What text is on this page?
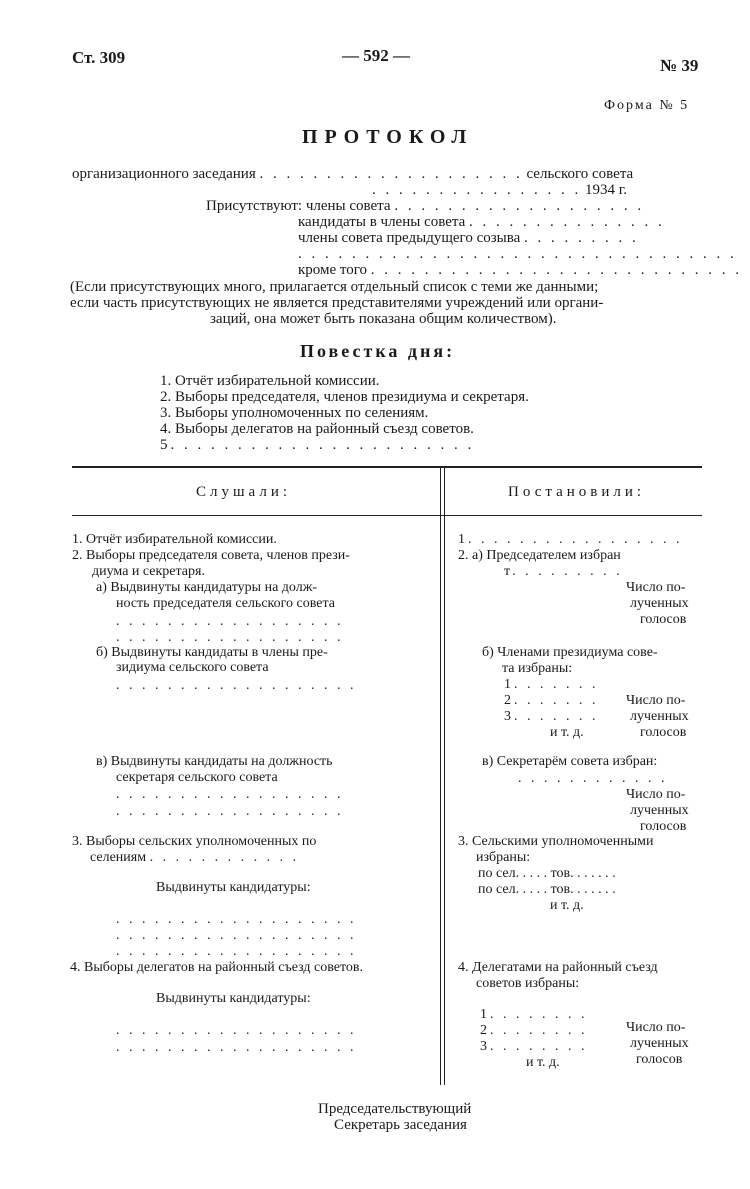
Ст. 309	— 592 —
№ 39
Форма № 5
ПРОТОКОЛ
организационного заседания . . . . . . . . . . . . . . . . . . . . сельского совета
. . . . . . . . . . . . . . . . 1934 г.
Присутствуют: члены совета . . . . . . . . . . . . . . . . . . .
кандидаты в члены совета . . . . . . . . . . . . . . .
члены совета предыдущего созыва . . . . . . . . .
. . . . . . . . . . . . . . . . . . . . . . . . . . . . . . . . .
кроме того . . . . . . . . . . . . . . . . . . . . . . . . . . . .
(Если присутствующих много, прилагается отдельный список с теми же данными;
если часть присутствующих не является представителями учреждений или органи-
заций, она может быть показана общим количеством).
Повестка дня:
1. Отчёт избирательной комиссии.
2. Выборы председателя, членов президиума и секретаря.
3. Выборы уполномоченных по селениям.
4. Выборы делегатов на районный съезд советов.
5. . . . . . . . . . . . . . . . . . . . . . .
Слушали:	Постановили:
1. Отчёт избирательной комиссии.
2. Выборы председателя совета, членов прези-
диума и секретаря.
а) Выдвинуты кандидатуры на долж-
ность председателя сельского совета
. . . . . . . . . . . . . . . . . .
. . . . . . . . . . . . . . . . . .
б) Выдвинуты кандидаты в члены пре-
зидиума сельского совета
. . . . . . . . . . . . . . . . . . .
в) Выдвинуты кандидаты на должность
секретаря сельского совета
. . . . . . . . . . . . . . . . . .
. . . . . . . . . . . . . . . . . .
3. Выборы сельских уполномоченных по
селениям . . . . . . . . . . . .
Выдвинуты кандидатуры:
. . . . . . . . . . . . . . . . . . .
. . . . . . . . . . . . . . . . . . .
. . . . . . . . . . . . . . . . . . .
4. Выборы делегатов на районный съезд советов.
Выдвинуты кандидатуры:
. . . . . . . . . . . . . . . . . . .
. . . . . . . . . . . . . . . . . . .
1. . . . . . . . . . . . . . . . .
2. а) Председателем избран
т. . . . . . . . .
Число по-
лученных
голосов
б) Членами президиума сове-
та избраны:
1. . . . . . .
2. . . . . . .
3. . . . . . .
и т. д.
Число по-
лученных
голосов
в) Секретарём совета избран:
. . . . . . . . . . . .
Число по-
лученных
голосов
3. Сельскими уполномоченными
избраны:
по сел. . . . . тов. . . . . . .
по сел. . . . . тов. . . . . . .
и т. д.
4. Делегатами на районный съезд
советов избраны:
1. . . . . . . .
2. . . . . . . .
3. . . . . . . .
и т. д.
Число по-
лученных
голосов
Председательствующий
Секретарь заседания
